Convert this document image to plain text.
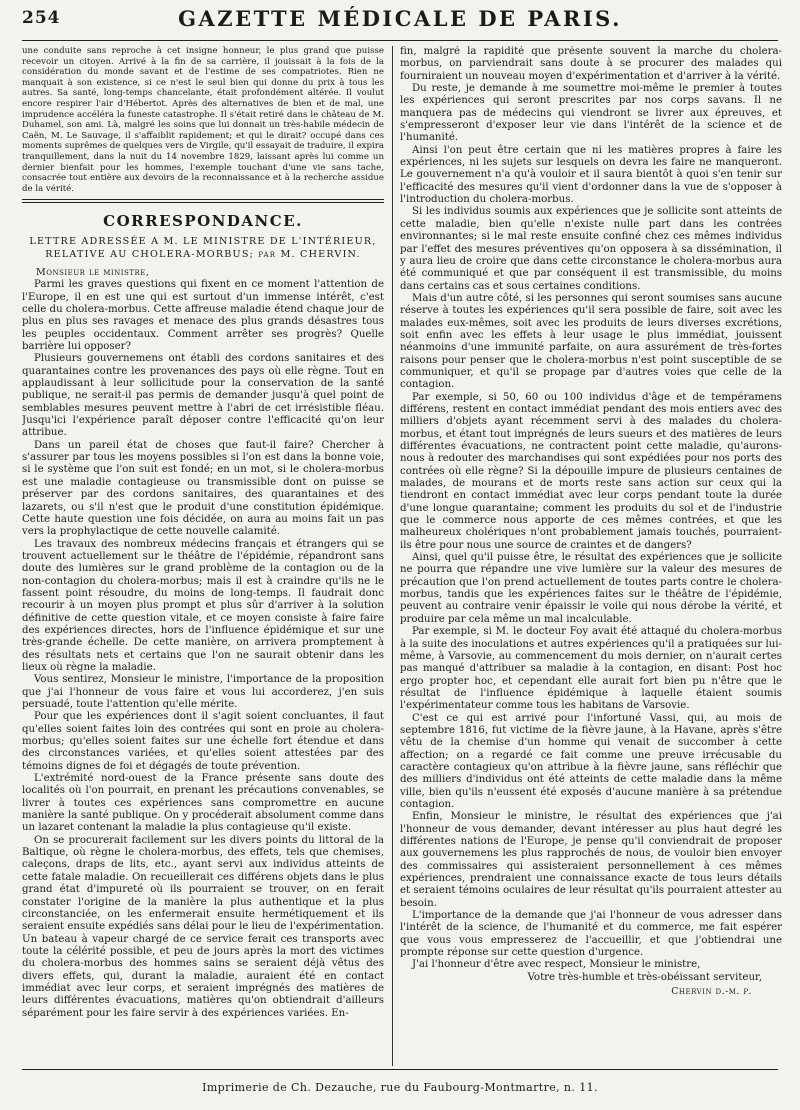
254	GAZETTE MÉDICALE DE PARIS.

une conduite sans reproche à cet insigne honneur, le plus grand que puisse recevoir un citoyen. Arrivé à la fin de sa carrière, il jouissait à la fois de la considération du monde savant et de l'estime de ses compatriotes. Rien ne manquait à son existence, si ce n'est le seul bien qui donne du prix à tous les autres. Sa santé, long-temps chancelante, était profondément altérée. Il voulut encore respirer l'air d'Hébertot. Après des alternatives de bien et de mal, une imprudence accéléra la funeste catastrophe. Il s'était retiré dans le château de M. Duhamel, son ami. Là, malgré les soins que lui donnait un très-habile médecin de Caën, M. Le Sauvage, il s'affaiblit rapidement; et qui le dirait? occupé dans ces moments suprêmes de quelques vers de Virgile, qu'il essayait de traduire, il expira tranquillement, dans la nuit du 14 novembre 1829, laissant après lui comme un dernier bienfait pour les hommes, l'exemple touchant d'une vie sans tache, consacrée tout entière aux devoirs de la reconnaissance et à la recherche assidue de la vérité.

CORRESPONDANCE.
LETTRE ADRESSÉE A M. LE MINISTRE DE L'INTÉRIEUR,
RELATIVE AU CHOLERA-MORBUS; par M. CHERVIN.
Monsieur le ministre,

Parmi les graves questions qui fixent en ce moment l'attention de l'Europe, il en est une qui est surtout d'un immense intérêt, c'est celle du cholera-morbus. Cette affreuse maladie étend chaque jour de plus en plus ses ravages et menace des plus grands désastres tous les peuples occidentaux. Comment arrêter ses progrès? Quelle barrière lui opposer?

Plusieurs gouvernemens ont établi des cordons sanitaires et des quarantaines contre les provenances des pays où elle règne. Tout en applaudissant à leur sollicitude pour la conservation de la santé publique, ne serait-il pas permis de demander jusqu'à quel point de semblables mesures peuvent mettre à l'abri de cet irrésistible fléau. Jusqu'ici l'expérience paraît déposer contre l'efficacité qu'on leur attribue.

Dans un pareil état de choses que faut-il faire? Chercher à s'assurer par tous les moyens possibles si l'on est dans la bonne voie, si le système que l'on suit est fondé; en un mot, si le cholera-morbus est une maladie contagieuse ou transmissible dont on puisse se préserver par des cordons sanitaires, des quarantaines et des lazarets, ou s'il n'est que le produit d'une constitution épidémique. Cette haute question une fois décidée, on aura au moins fait un pas vers la prophylactique de cette nouvelle calamité.

Les travaux des nombreux médecins français et étrangers qui se trouvent actuellement sur le théâtre de l'épidémie, répandront sans doute des lumières sur le grand problème de la contagion ou de la non-contagion du cholera-morbus; mais il est à craindre qu'ils ne le fassent point résoudre, du moins de long-temps. Il faudrait donc recourir à un moyen plus prompt et plus sûr d'arriver à la solution définitive de cette question vitale, et ce moyen consiste à faire faire des expériences directes, hors de l'influence épidémique et sur une très-grande échelle. De cette manière, on arrivera promptement à des résultats nets et certains que l'on ne saurait obtenir dans les lieux où règne la maladie.

Vous sentirez, Monsieur le ministre, l'importance de la proposition que j'ai l'honneur de vous faire et vous lui accorderez, j'en suis persuadé, toute l'attention qu'elle mérite.

Pour que les expériences dont il s'agit soient concluantes, il faut qu'elles soient faites loin des contrées qui sont en proie au cholera-morbus; qu'elles soient faites sur une échelle fort étendue et dans des circonstances variées, et qu'elles soient attestées par des témoins dignes de foi et dégagés de toute prévention.

L'extrémité nord-ouest de la France présente sans doute des localités où l'on pourrait, en prenant les précautions convenables, se livrer à toutes ces expériences sans compromettre en aucune manière la santé publique. On y procéderait absolument comme dans un lazaret contenant la maladie la plus contagieuse qu'il existe.

On se procurerait facilement sur les divers points du littoral de la Baltique, où règne le cholera-morbus, des effets, tels que chemises, caleçons, draps de lits, etc., ayant servi aux individus atteints de cette fatale maladie. On recueillerait ces différens objets dans le plus grand état d'impureté où ils pourraient se trouver, on en ferait constater l'origine de la manière la plus authentique et la plus circonstanciée, on les enfermerait ensuite hermétiquement et ils seraient ensuite expédiés sans délai pour le lieu de l'expérimentation. Un bateau à vapeur chargé de ce service ferait ces transports avec toute la célérité possible, et peu de jours après la mort des victimes du cholera-morbus des hommes sains se seraient déjà vêtus des divers effets, qui, durant la maladie, auraient été en contact immédiat avec leur corps, et seraient imprégnés des matières de leurs différentes évacuations, matières qu'on obtiendrait d'ailleurs séparément pour les faire servir à des expériences variées. En-

fin, malgré la rapidité que présente souvent la marche du cholera-morbus, on parviendrait sans doute à se procurer des malades qui fourniraient un nouveau moyen d'expérimentation et d'arriver à la vérité.

Du reste, je demande à me soumettre moi-même le premier à toutes les expériences qui seront prescrites par nos corps savans. Il ne manquera pas de médecins qui viendront se livrer aux épreuves, et s'empresseront d'exposer leur vie dans l'intérêt de la science et de l'humanité.

Ainsi l'on peut être certain que ni les matières propres à faire les expériences, ni les sujets sur lesquels on devra les faire ne manqueront. Le gouvernement n'a qu'à vouloir et il saura bientôt à quoi s'en tenir sur l'efficacité des mesures qu'il vient d'ordonner dans la vue de s'opposer à l'introduction du cholera-morbus.

Si les individus soumis aux expériences que je sollicite sont atteints de cette maladie, bien qu'elle n'existe nulle part dans les contrées environnantes; si le mal reste ensuite confiné chez ces mêmes individus par l'effet des mesures préventives qu'on opposera à sa dissémination, il y aura lieu de croire que dans cette circonstance le cholera-morbus aura été communiqué et que par conséquent il est transmissible, du moins dans certains cas et sous certaines conditions.

Mais d'un autre côté, si les personnes qui seront soumises sans aucune réserve à toutes les expériences qu'il sera possible de faire, soit avec les malades eux-mêmes, soit avec les produits de leurs diverses excrétions, soit enfin avec les effets à leur usage le plus immédiat, jouissent néanmoins d'une immunité parfaite, on aura assurément de très-fortes raisons pour penser que le cholera-morbus n'est point susceptible de se communiquer, et qu'il se propage par d'autres voies que celle de la contagion.

Par exemple, si 50, 60 ou 100 individus d'âge et de tempéramens différens, restent en contact immédiat pendant des mois entiers avec des milliers d'objets ayant récemment servi à des malades du cholera-morbus, et étant tout imprégnés de leurs sueurs et des matières de leurs différentes évacuations, ne contractent point cette maladie, qu'aurons-nous à redouter des marchandises qui sont expédiées pour nos ports des contrées où elle règne? Si la dépouille impure de plusieurs centaines de malades, de mourans et de morts reste sans action sur ceux qui la tiendront en contact immédiat avec leur corps pendant toute la durée d'une longue quarantaine; comment les produits du sol et de l'industrie que le commerce nous apporte de ces mêmes contrées, et que les malheureux cholériques n'ont probablement jamais touchés, pourraient-ils être pour nous une source de craintes et de dangers?

Ainsi, quel qu'il puisse être, le résultat des expériences que je sollicite ne pourra que répandre une vive lumière sur la valeur des mesures de précaution que l'on prend actuellement de toutes parts contre le cholera-morbus, tandis que les expériences faites sur le théâtre de l'épidémie, peuvent au contraire venir épaissir le voile qui nous dérobe la vérité, et produire par cela même un mal incalculable.

Par exemple, si M. le docteur Foy avait été attaqué du cholera-morbus à la suite des inoculations et autres expériences qu'il a pratiquées sur lui-même, à Varsovie, au commencement du mois dernier, on n'aurait certes pas manqué d'attribuer sa maladie à la contagion, en disant: Post hoc ergo propter hoc, et cependant elle aurait fort bien pu n'être que le résultat de l'influence épidémique à laquelle étaient soumis l'expérimentateur comme tous les habitans de Varsovie.

C'est ce qui est arrivé pour l'infortuné Vassi, qui, au mois de septembre 1816, fut victime de la fièvre jaune, à la Havane, après s'être vêtu de la chemise d'un homme qui venait de succomber à cette affection; on a regardé ce fait comme une preuve irrécusable du caractère contagieux qu'on attribue à la fièvre jaune, sans réfléchir que des milliers d'individus ont été atteints de cette maladie dans la même ville, bien qu'ils n'eussent été exposés d'aucune manière à sa prétendue contagion.

Enfin, Monsieur le ministre, le résultat des expériences que j'ai l'honneur de vous demander, devant intéresser au plus haut degré les différentes nations de l'Europe, je pense qu'il conviendrait de proposer aux gouvernemens les plus rapprochés de nous, de vouloir bien envoyer des commissaires qui assisteraient personnellement à ces mêmes expériences, prendraient une connaissance exacte de tous leurs détails et seraient témoins oculaires de leur résultat qu'ils pourraient attester au besoin.

L'importance de la demande que j'ai l'honneur de vous adresser dans l'intérêt de la science, de l'humanité et du commerce, me fait espérer que vous vous empresserez de l'accueillir, et que j'obtiendrai une prompte réponse sur cette question d'urgence.

J'ai l'honneur d'être avec respect, Monsieur le ministre,

Votre très-humble et très-obéissant serviteur,
Chervin d.-m. p.
Imprimerie de Ch. Dezauche, rue du Faubourg-Montmartre, n. 11.
